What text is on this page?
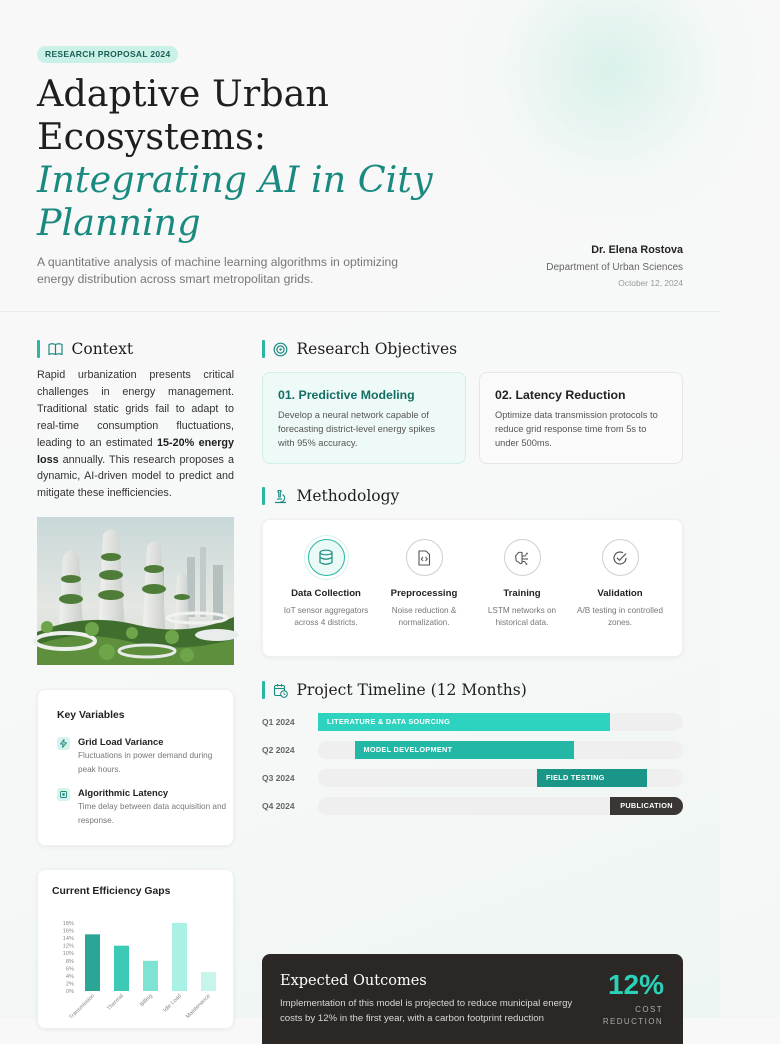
RESEARCH PROPOSAL 2024
Adaptive Urban
Ecosystems:
Integrating AI in City
Planning
A quantitative analysis of machine learning algorithms in optimizing energy distribution across smart metropolitan grids.
Dr. Elena Rostova
Department of Urban Sciences
October 12, 2024
Context
Rapid urbanization presents critical challenges in energy management. Traditional static grids fail to adapt to real-time consumption fluctuations, leading to an estimated 15-20% energy loss annually. This research proposes a dynamic, AI-driven model to predict and mitigate these inefficiencies.
Key Variables
Grid Load Variance
Fluctuations in power demand during peak hours.
Algorithmic Latency
Time delay between data acquisition and response.
Current Efficiency Gaps
18%
16%
14%
12%
10%
8%
6%
4%
2%
0%
Transmission Thermal	Billing Idle Load Maintenance
Research Objectives
01. Predictive Modeling
Develop a neural network capable of forecasting district-level energy spikes with 95% accuracy.
02. Latency Reduction
Optimize data transmission protocols to reduce grid response time from 5s to under 500ms.
Methodology
Data Collection
IoT sensor aggregators across 4 districts.
Preprocessing
Noise reduction & normalization.
Training
LSTM networks on historical data.
Validation
A/B testing in controlled zones.
Project Timeline (12 Months)
Q1 2024	LITERATURE & DATA SOURCING
Q2 2024	MODEL DEVELOPMENT
Q3 2024	FIELD TESTING
Q4 2024	PUBLICATION
Expected Outcomes
Implementation of this model is projected to reduce municipal energy costs by 12% in the first year, with a carbon footprint reduction
12%
COST
REDUCTION
